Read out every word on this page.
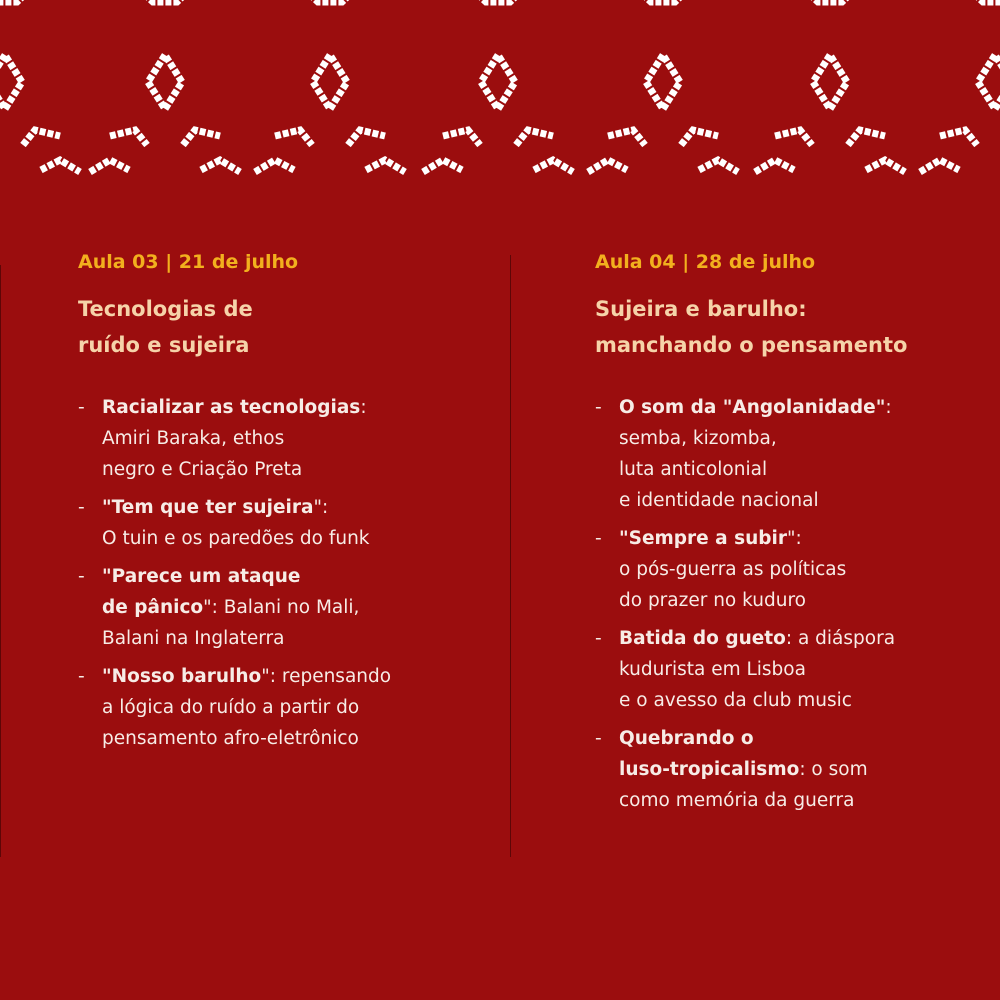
Aula 03 | 21 de julho
Tecnologias de
ruído e sujeira
- Racializar as tecnologias:
Amiri Baraka, ethos
negro e Criação Preta
- "Tem que ter sujeira":
O tuin e os paredões do funk
- "Parece um ataque
de pânico": Balani no Mali,
Balani na Inglaterra
- "Nosso barulho": repensando
a lógica do ruído a partir do
pensamento afro-eletrônico
Aula 04 | 28 de julho
Sujeira e barulho:
manchando o pensamento
- O som da "Angolanidade":
semba, kizomba,
luta anticolonial
e identidade nacional
- "Sempre a subir":
o pós-guerra as políticas
do prazer no kuduro
- Batida do gueto: a diáspora
kudurista em Lisboa
e o avesso da club music
- Quebrando o
luso-tropicalismo: o som
como memória da guerra
